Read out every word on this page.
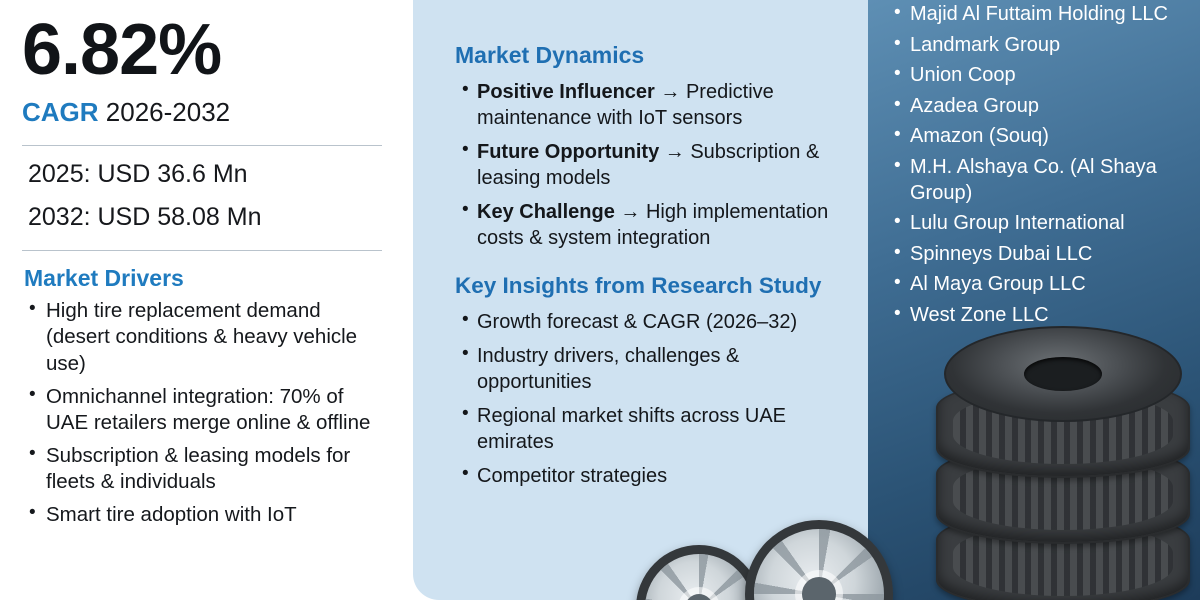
6.82%
CAGR 2026-2032
2025: USD 36.6 Mn
2032: USD 58.08 Mn
Market Drivers
• High tire replacement demand (desert conditions & heavy vehicle use)
• Omnichannel integration: 70% of UAE retailers merge online & offline
• Subscription & leasing models for fleets & individuals
• Smart tire adoption with IoT
Market Dynamics
• Positive Influencer → Predictive maintenance with IoT sensors
• Future Opportunity → Subscription & leasing models
• Key Challenge → High implementation costs & system integration
Key Insights from Research Study
• Growth forecast & CAGR (2026–32)
• Industry drivers, challenges & opportunities
• Regional market shifts across UAE emirates
• Competitor strategies
• Majid Al Futtaim Holding LLC
• Landmark Group
• Union Coop
• Azadea Group
• Amazon (Souq)
• M.H. Alshaya Co. (Al Shaya Group)
• Lulu Group International
• Spinneys Dubai LLC
• Al Maya Group LLC
• West Zone LLC
